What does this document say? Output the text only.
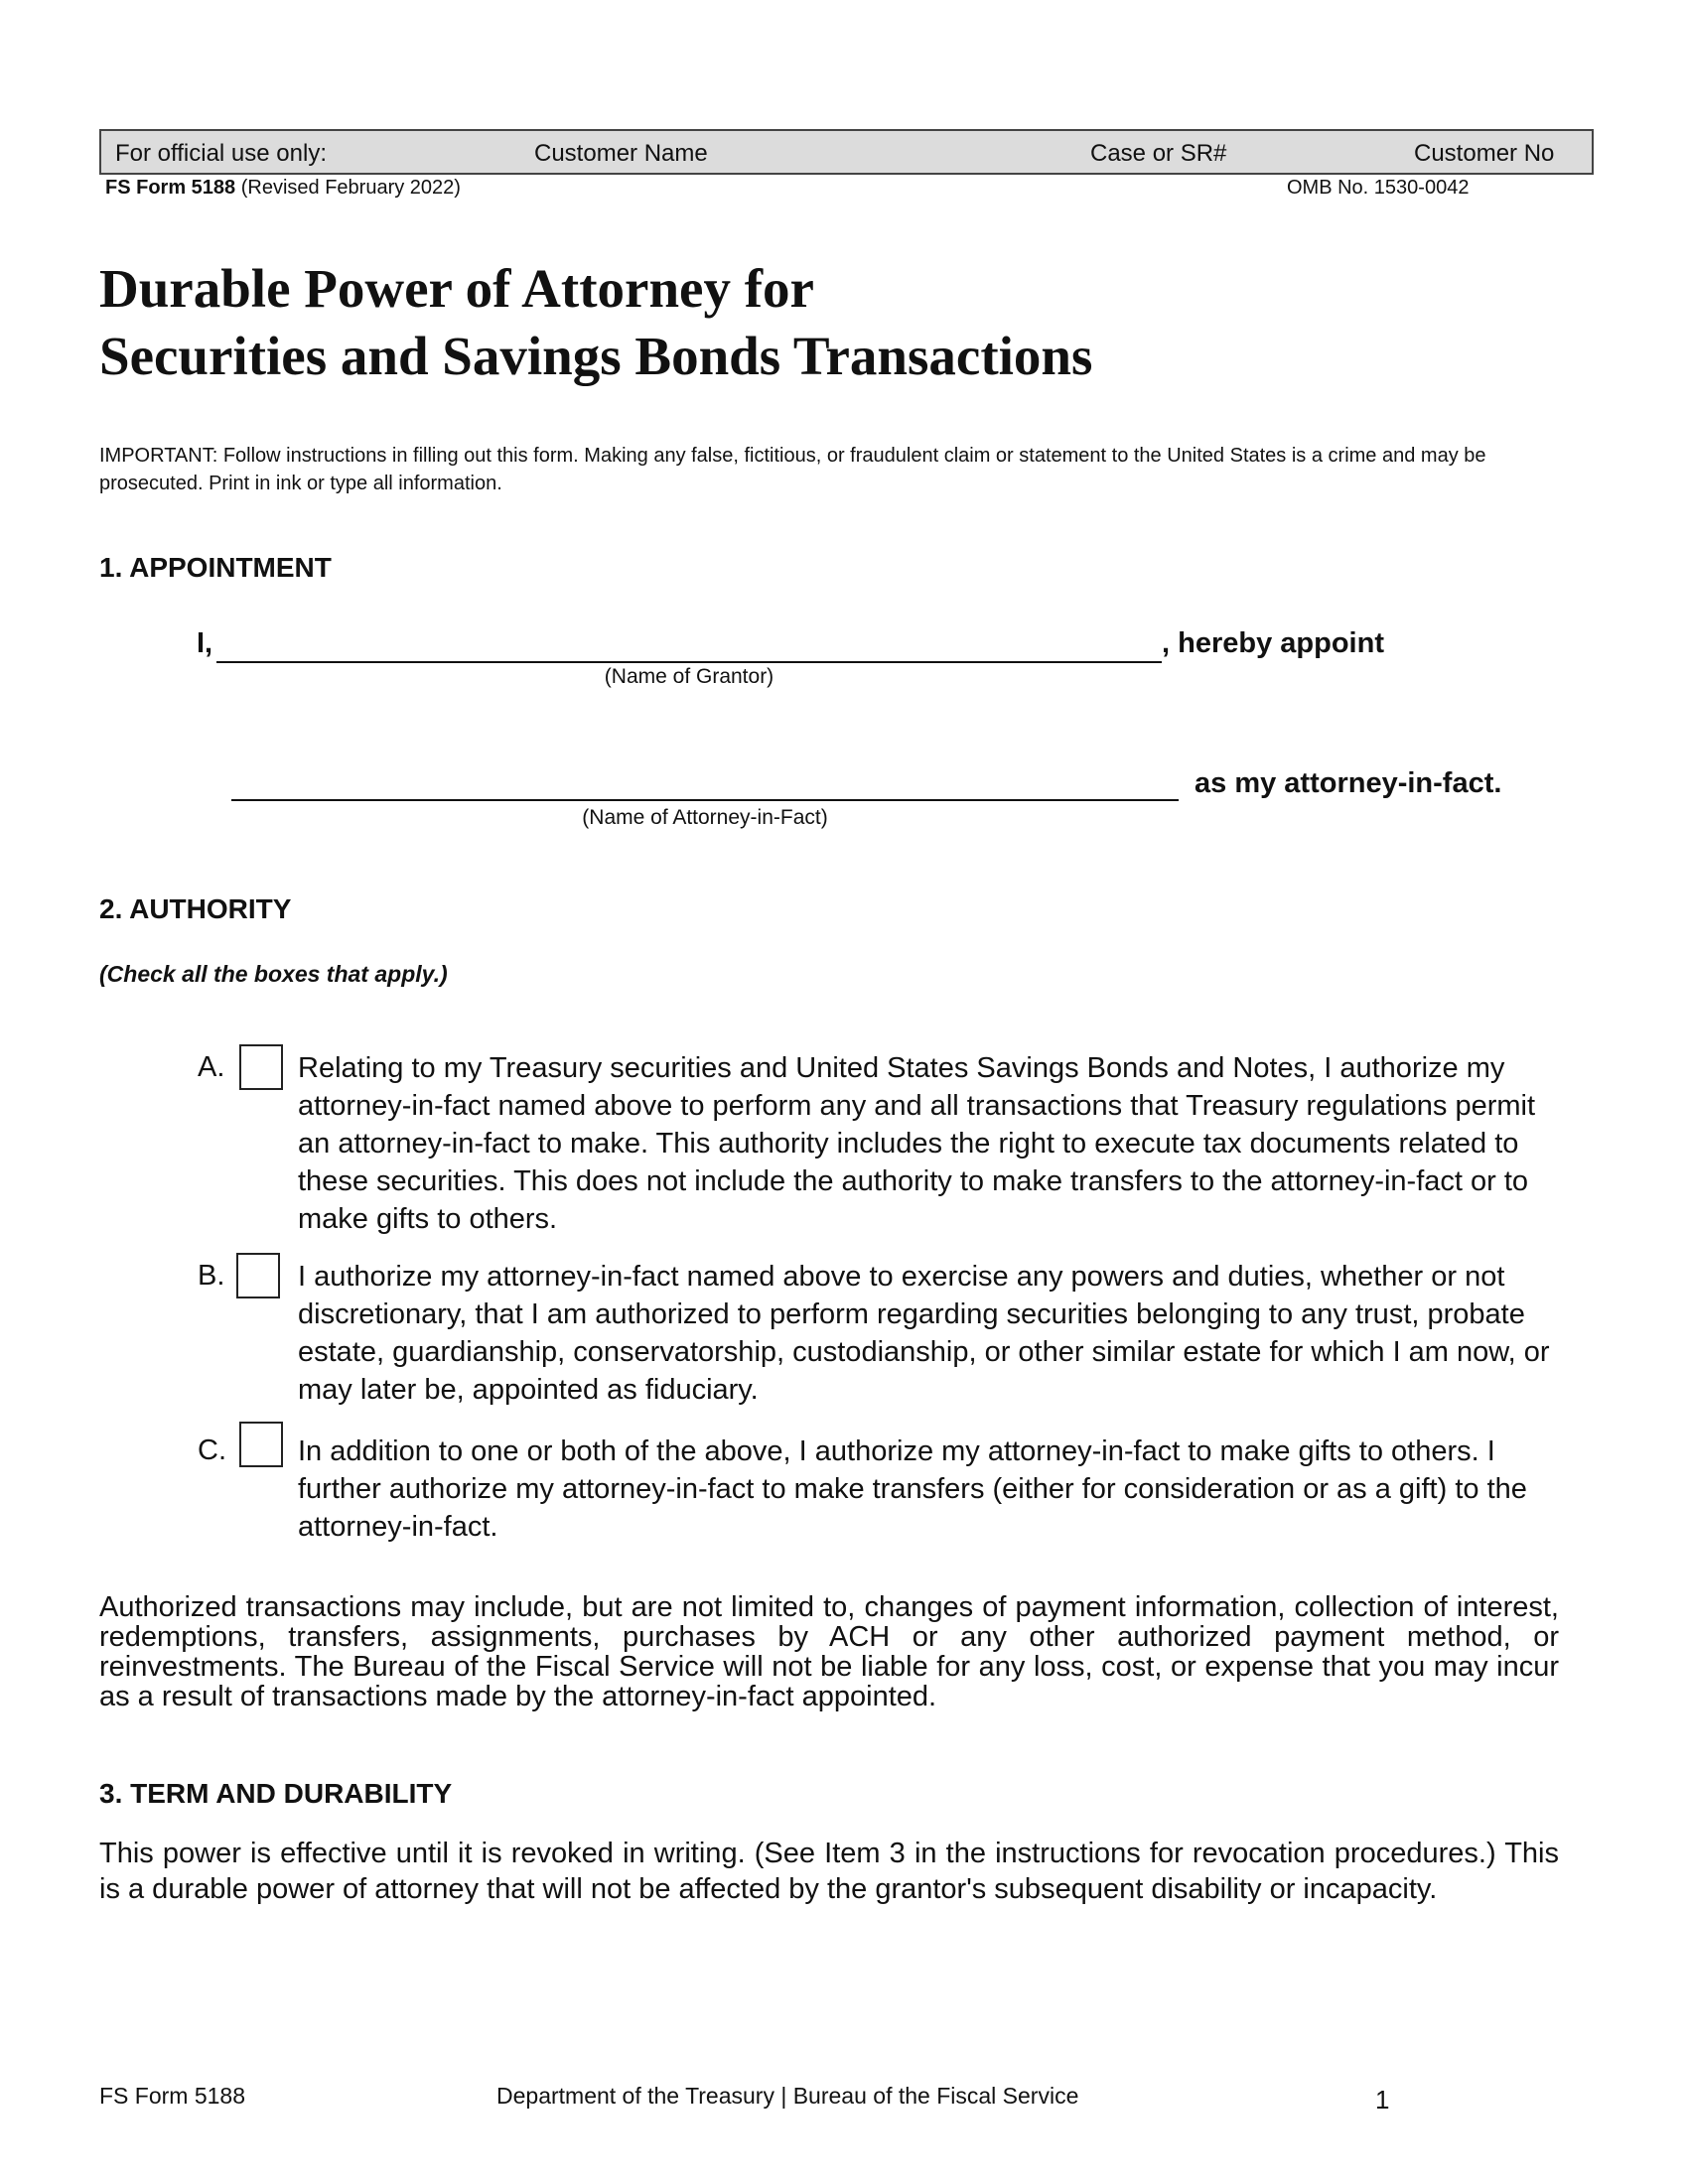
For official use only:	Customer Name	Case or SR#	Customer No
FS Form 5188 (Revised February 2022)	OMB No. 1530-0042
Durable Power of Attorney for
Securities and Savings Bonds Transactions
IMPORTANT: Follow instructions in filling out this form. Making any false, fictitious, or fraudulent claim or statement to the United States is a crime and may be prosecuted. Print in ink or type all information.
1. APPOINTMENT
I,	, hereby appoint
(Name of Grantor)
as my attorney-in-fact.
(Name of Attorney-in-Fact)
2. AUTHORITY
(Check all the boxes that apply.)
A.	Relating to my Treasury securities and United States Savings Bonds and Notes, I authorize my attorney-in-fact named above to perform any and all transactions that Treasury regulations permit an attorney-in-fact to make. This authority includes the right to execute tax documents related to these securities. This does not include the authority to make transfers to the attorney-in-fact or to make gifts to others.
B.	I authorize my attorney-in-fact named above to exercise any powers and duties, whether or not discretionary, that I am authorized to perform regarding securities belonging to any trust, probate estate, guardianship, conservatorship, custodianship, or other similar estate for which I am now, or may later be, appointed as fiduciary.
C. In addition to one or both of the above, I authorize my attorney-in-fact to make gifts to others. I further authorize my attorney-in-fact to make transfers (either for consideration or as a gift) to the attorney-in-fact.
Authorized transactions may include, but are not limited to, changes of payment information, collection of interest, redemptions, transfers, assignments, purchases by ACH or any other authorized payment method, or reinvestments. The Bureau of the Fiscal Service will not be liable for any loss, cost, or expense that you may incur as a result of transactions made by the attorney-in-fact appointed.
3. TERM AND DURABILITY
This power is effective until it is revoked in writing. (See Item 3 in the instructions for revocation procedures.) This is a durable power of attorney that will not be affected by the grantor's subsequent disability or incapacity.
FS Form 5188	Department of the Treasury | Bureau of the Fiscal Service	1
